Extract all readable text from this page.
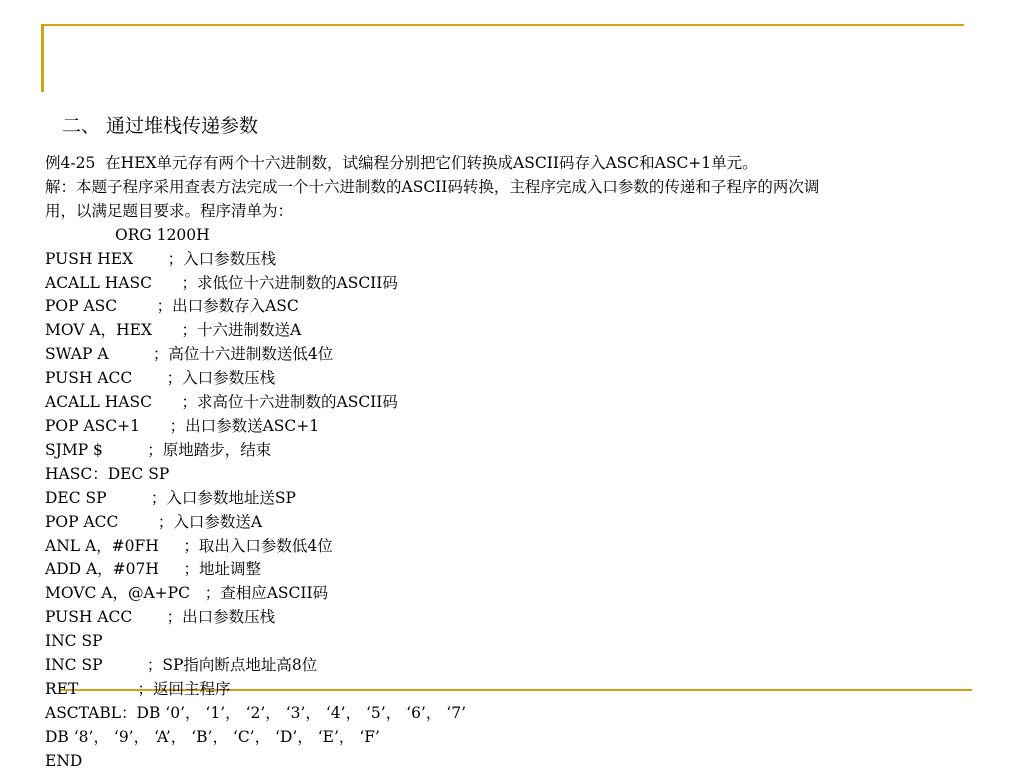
二、 通过堆栈传递参数
例4-25  在HEX单元存有两个十六进制数，试编程分别把它们转换成ASCII码存入ASC和ASC+1单元。
解：本题子程序采用查表方法完成一个十六进制数的ASCII码转换，主程序完成入口参数的传递和子程序的两次调
用，以满足题目要求。程序清单为：
ORG 1200H
PUSH HEX       ；入口参数压栈
ACALL HASC      ；求低位十六进制数的ASCII码
POP ASC        ；出口参数存入ASC
MOV A，HEX      ；十六进制数送A
SWAP A         ；高位十六进制数送低4位
PUSH ACC       ；入口参数压栈
ACALL HASC      ；求高位十六进制数的ASCII码
POP ASC+1      ；出口参数送ASC+1
SJMP $         ；原地踏步，结束
HASC：DEC SP
DEC SP         ；入口参数地址送SP
POP ACC        ；入口参数送A
ANL A，#0FH     ；取出入口参数低4位
ADD A，#07H     ；地址调整
MOVC A，@A+PC   ；查相应ASCII码
PUSH ACC       ；出口参数压栈
INC SP
INC SP         ；SP指向断点地址高8位
RET            ；返回主程序
ASCTABL：DB ‘0’， ‘1’， ‘2’， ‘3’， ‘4’， ‘5’， ‘6’， ‘7’
DB ‘8’， ‘9’， ‘A’， ‘B’， ‘C’， ‘D’， ‘E’， ‘F’
END
